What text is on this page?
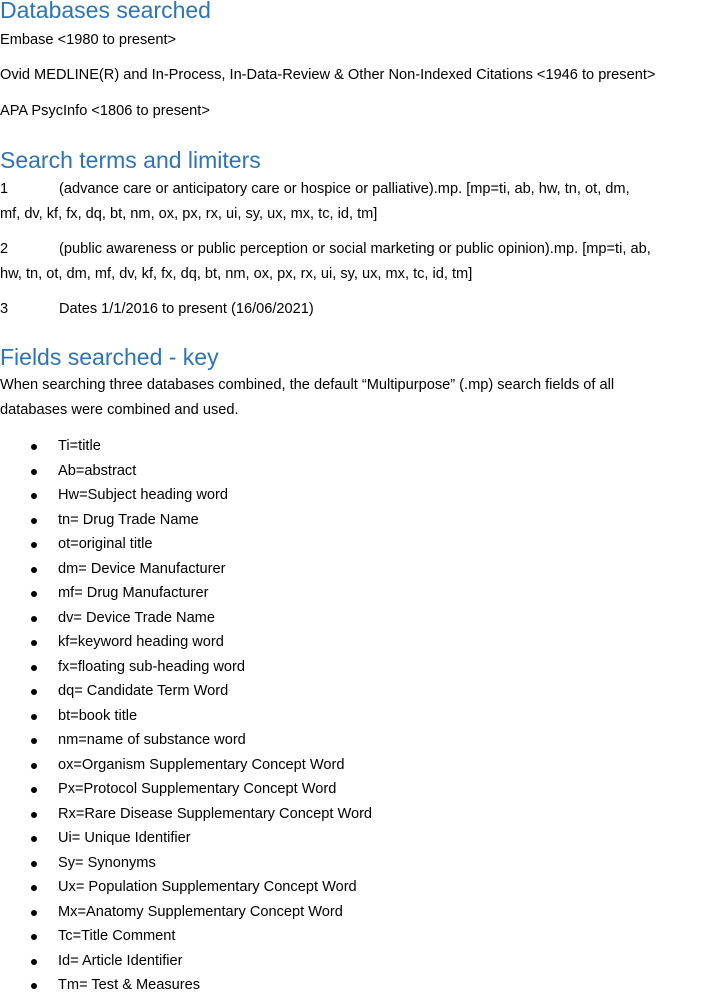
Databases searched

Embase <1980 to present>

Ovid MEDLINE(R) and In-Process, In-Data-Review & Other Non-Indexed Citations <1946 to present>

APA PsycInfo <1806 to present>

Search terms and limiters
1	(advance care or anticipatory care or hospice or palliative).mp. [mp=ti, ab, hw, tn, ot, dm,
mf, dv, kf, fx, dq, bt, nm, ox, px, rx, ui, sy, ux, mx, tc, id, tm]
2	(public awareness or public perception or social marketing or public opinion).mp. [mp=ti, ab,
hw, tn, ot, dm, mf, dv, kf, fx, dq, bt, nm, ox, px, rx, ui, sy, ux, mx, tc, id, tm]
3	Dates 1/1/2016 to present (16/06/2021)
Fields searched - key

When searching three databases combined, the default “Multipurpose” (.mp) search fields of all

databases were combined and used.

Ti=title
Ab=abstract
Hw=Subject heading word
tn= Drug Trade Name
ot=original title
dm= Device Manufacturer
mf= Drug Manufacturer
dv= Device Trade Name
kf=keyword heading word
fx=floating sub-heading word
dq= Candidate Term Word
bt=book title
nm=name of substance word
ox=Organism Supplementary Concept Word
Px=Protocol Supplementary Concept Word
Rx=Rare Disease Supplementary Concept Word
Ui= Unique Identifier
Sy= Synonyms
Ux= Population Supplementary Concept Word
Mx=Anatomy Supplementary Concept Word
Tc=Title Comment
Id= Article Identifier
Tm= Test & Measures
